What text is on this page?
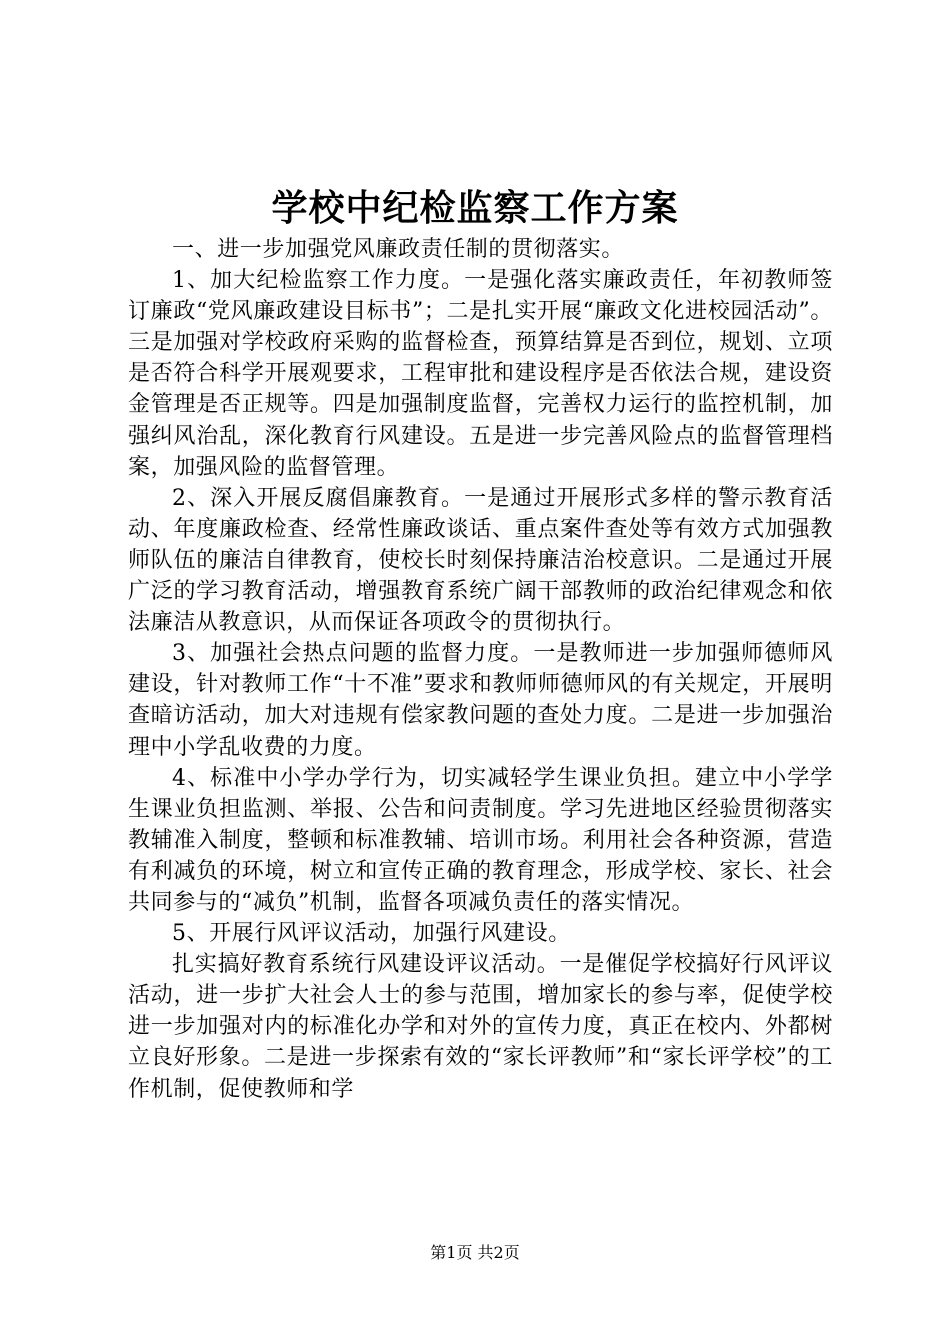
学校中纪检监察工作方案

一、进一步加强党风廉政责任制的贯彻落实。

1、加大纪检监察工作力度。一是强化落实廉政责任，年初教师签订廉政“党风廉政建设目标书”；二是扎实开展“廉政文化进校园活动”。三是加强对学校政府采购的监督检查，预算结算是否到位，规划、立项是否符合科学开展观要求，工程审批和建设程序是否依法合规，建设资金管理是否正规等。四是加强制度监督，完善权力运行的监控机制，加强纠风治乱，深化教育行风建设。五是进一步完善风险点的监督管理档案，加强风险的监督管理。

2、深入开展反腐倡廉教育。一是通过开展形式多样的警示教育活动、年度廉政检查、经常性廉政谈话、重点案件查处等有效方式加强教师队伍的廉洁自律教育，使校长时刻保持廉洁治校意识。二是通过开展广泛的学习教育活动，增强教育系统广阔干部教师的政治纪律观念和依法廉洁从教意识，从而保证各项政令的贯彻执行。

3、加强社会热点问题的监督力度。一是教师进一步加强师德师风建设，针对教师工作“十不准”要求和教师师德师风的有关规定，开展明查暗访活动，加大对违规有偿家教问题的查处力度。二是进一步加强治理中小学乱收费的力度。

4、标准中小学办学行为，切实减轻学生课业负担。建立中小学学生课业负担监测、举报、公告和问责制度。学习先进地区经验贯彻落实教辅准入制度，整顿和标准教辅、培训市场。利用社会各种资源，营造有利减负的环境，树立和宣传正确的教育理念，形成学校、家长、社会共同参与的“减负”机制，监督各项减负责任的落实情况。

5、开展行风评议活动，加强行风建设。

扎实搞好教育系统行风建设评议活动。一是催促学校搞好行风评议活动，进一步扩大社会人士的参与范围，增加家长的参与率，促使学校进一步加强对内的标准化办学和对外的宣传力度，真正在校内、外都树立良好形象。二是进一步探索有效的“家长评教师”和“家长评学校”的工作机制，促使教师和学

第1页 共2页
